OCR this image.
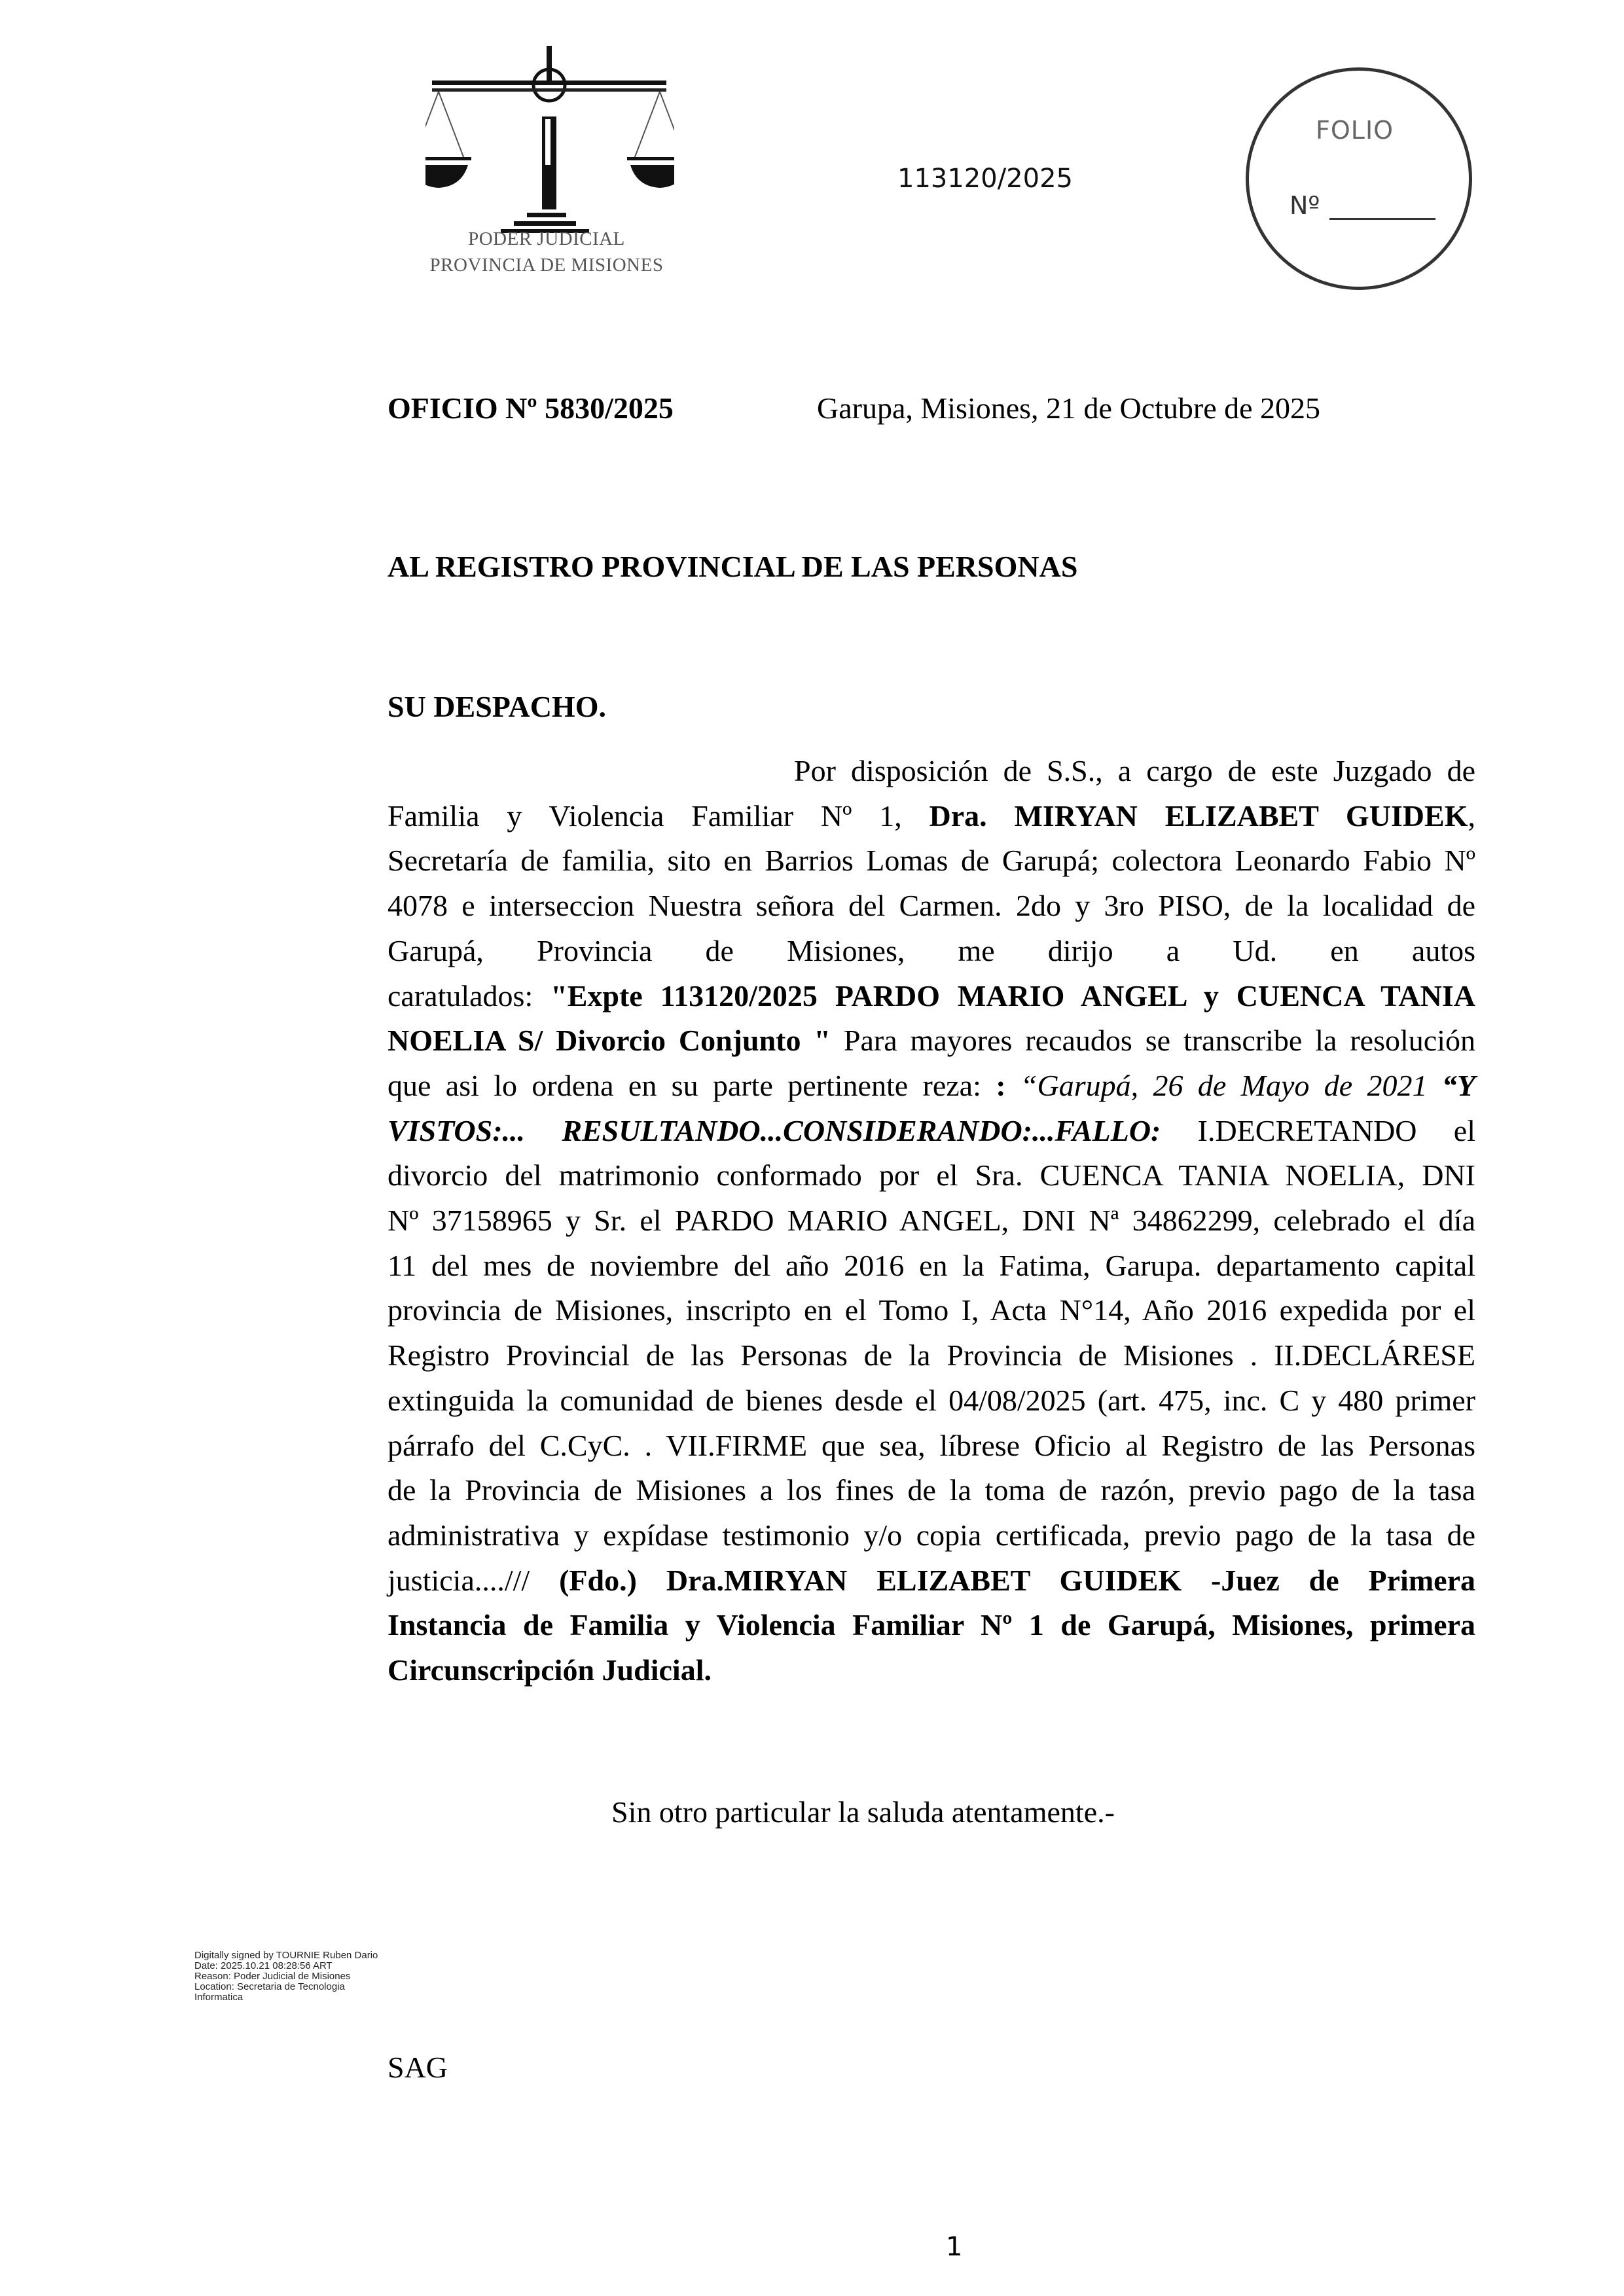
PODER JUDICIAL
PROVINCIA DE MISIONES
113120/2025
FOLIO
Nº
OFICIO Nº 5830/2025	Garupa, Misiones, 21 de Octubre de 2025
AL REGISTRO PROVINCIAL DE LAS PERSONAS
SU DESPACHO.
Por disposición de S.S., a cargo de este Juzgado de
Familia y Violencia Familiar Nº 1, Dra. MIRYAN ELIZABET GUIDEK,
Secretaría de familia, sito en Barrios Lomas de Garupá; colectora Leonardo Fabio Nº
4078 e interseccion Nuestra señora del Carmen. 2do y 3ro PISO, de la localidad de
Garupá, Provincia de Misiones, me dirijo a Ud. en autos
caratulados: "Expte 113120/2025 PARDO MARIO ANGEL y CUENCA TANIA
NOELIA S/ Divorcio Conjunto " Para mayores recaudos se transcribe la resolución
que asi lo ordena en su parte pertinente reza: : “Garupá, 26 de Mayo de 2021 “Y
VISTOS:... RESULTANDO...CONSIDERANDO:...FALLO: I.DECRETANDO el
divorcio del matrimonio conformado por el Sra. CUENCA TANIA NOELIA, DNI
Nº 37158965 y Sr. el PARDO MARIO ANGEL, DNI Nª 34862299, celebrado el día
11 del mes de noviembre del año 2016 en la Fatima, Garupa. departamento capital
provincia de Misiones, inscripto en el Tomo I, Acta N°14, Año 2016 expedida por el
Registro Provincial de las Personas de la Provincia de Misiones . II.DECLÁRESE
extinguida la comunidad de bienes desde el 04/08/2025 (art. 475, inc. C y 480 primer
párrafo del C.CyC. . VII.FIRME que sea, líbrese Oficio al Registro de las Personas
de la Provincia de Misiones a los fines de la toma de razón, previo pago de la tasa
administrativa y expídase testimonio y/o copia certificada, previo pago de la tasa de
justicia..../// (Fdo.) Dra.MIRYAN ELIZABET GUIDEK -Juez de Primera
Instancia de Familia y Violencia Familiar Nº 1 de Garupá, Misiones, primera
Circunscripción Judicial.
Sin otro particular la saluda atentamente.-
Digitally signed by TOURNIE Ruben Dario
Date: 2025.10.21 08:28:56 ART
Reason: Poder Judicial de Misiones
Location: Secretaria de Tecnologia
Informatica
SAG
1
